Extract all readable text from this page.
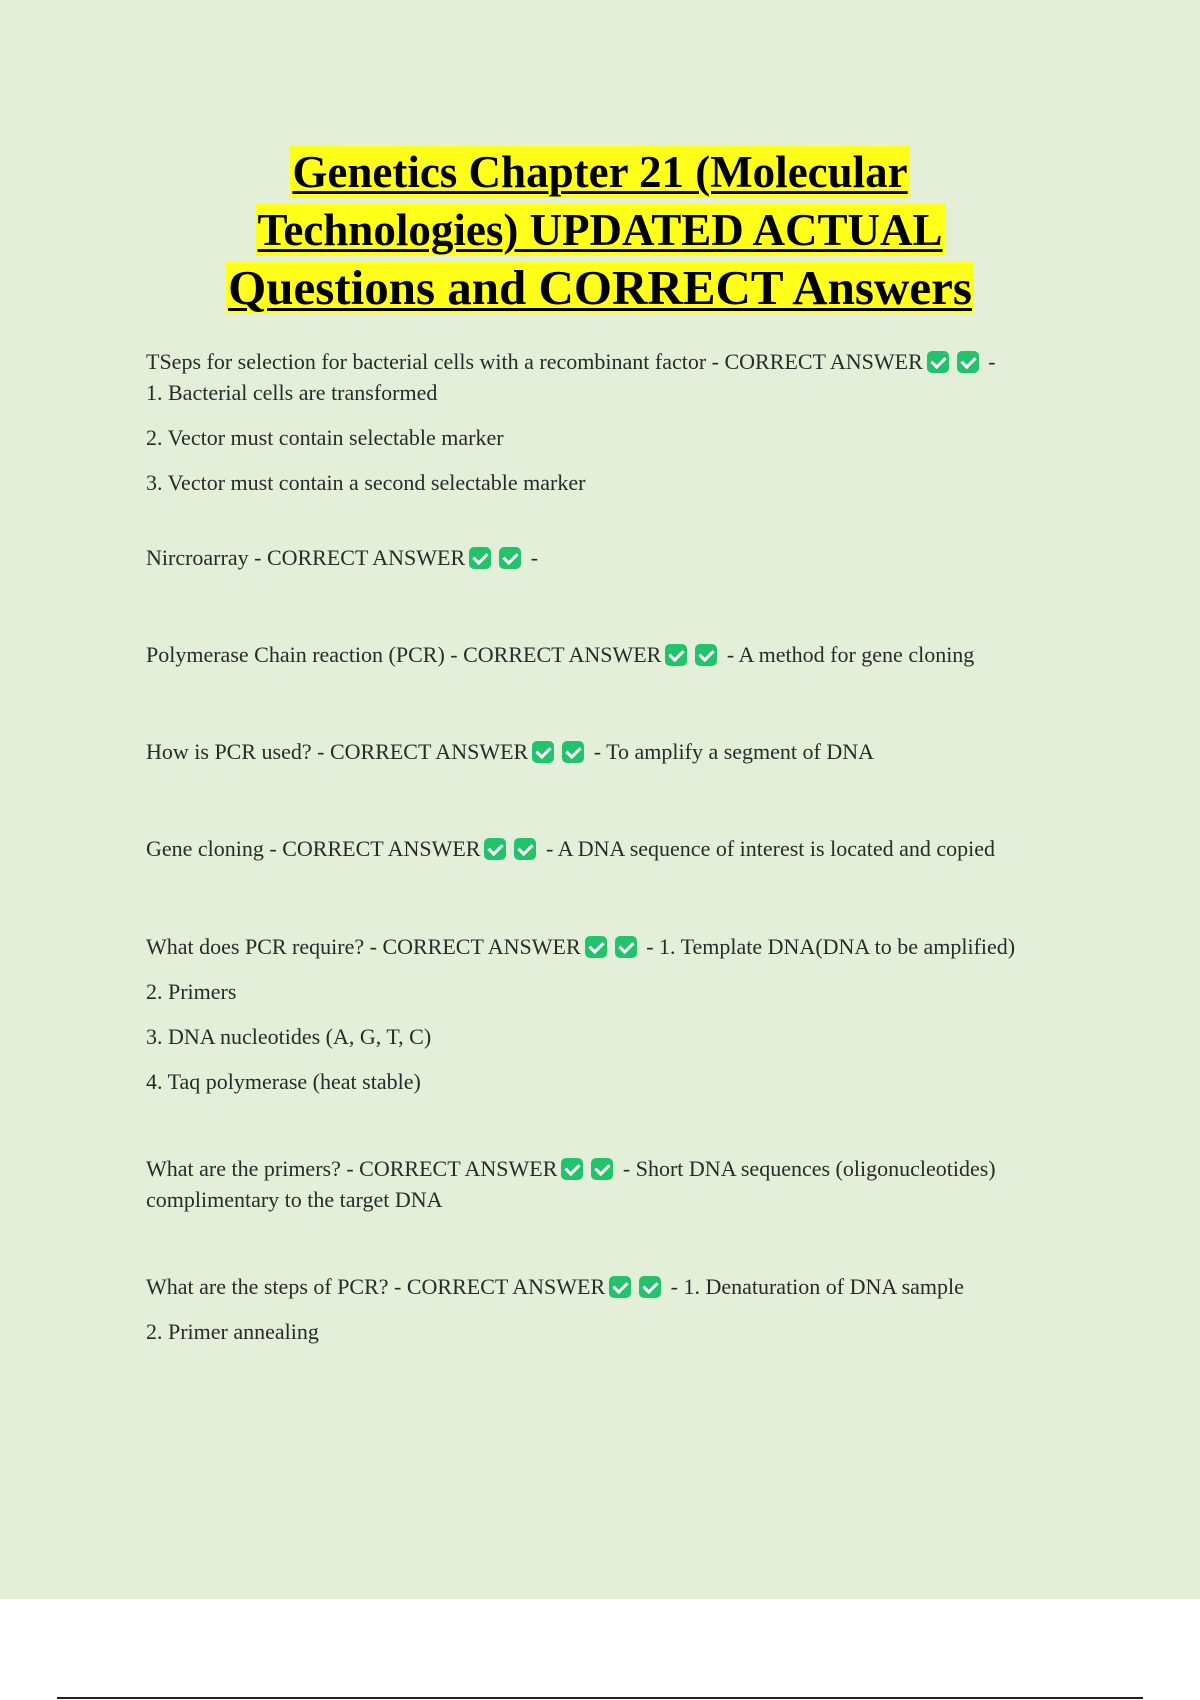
Genetics Chapter 21 (Molecular
Technologies) UPDATED ACTUAL
Questions and CORRECT Answers
TSeps for selection for bacterial cells with a recombinant factor - CORRECT ANSWER	-
1. Bacterial cells are transformed
2. Vector must contain selectable marker
3. Vector must contain a second selectable marker
Nircroarray - CORRECT ANSWER	-
Polymerase Chain reaction (PCR) - CORRECT ANSWER	- A method for gene cloning
How is PCR used? - CORRECT ANSWER	- To amplify a segment of DNA
Gene cloning - CORRECT ANSWER	- A DNA sequence of interest is located and copied
What does PCR require? - CORRECT ANSWER	- 1. Template DNA(DNA to be amplified)
2. Primers
3. DNA nucleotides (A, G, T, C)
4. Taq polymerase (heat stable)
What are the primers? - CORRECT ANSWER	- Short DNA sequences (oligonucleotides) complimentary to the target DNA
What are the steps of PCR? - CORRECT ANSWER	- 1. Denaturation of DNA sample
2. Primer annealing
